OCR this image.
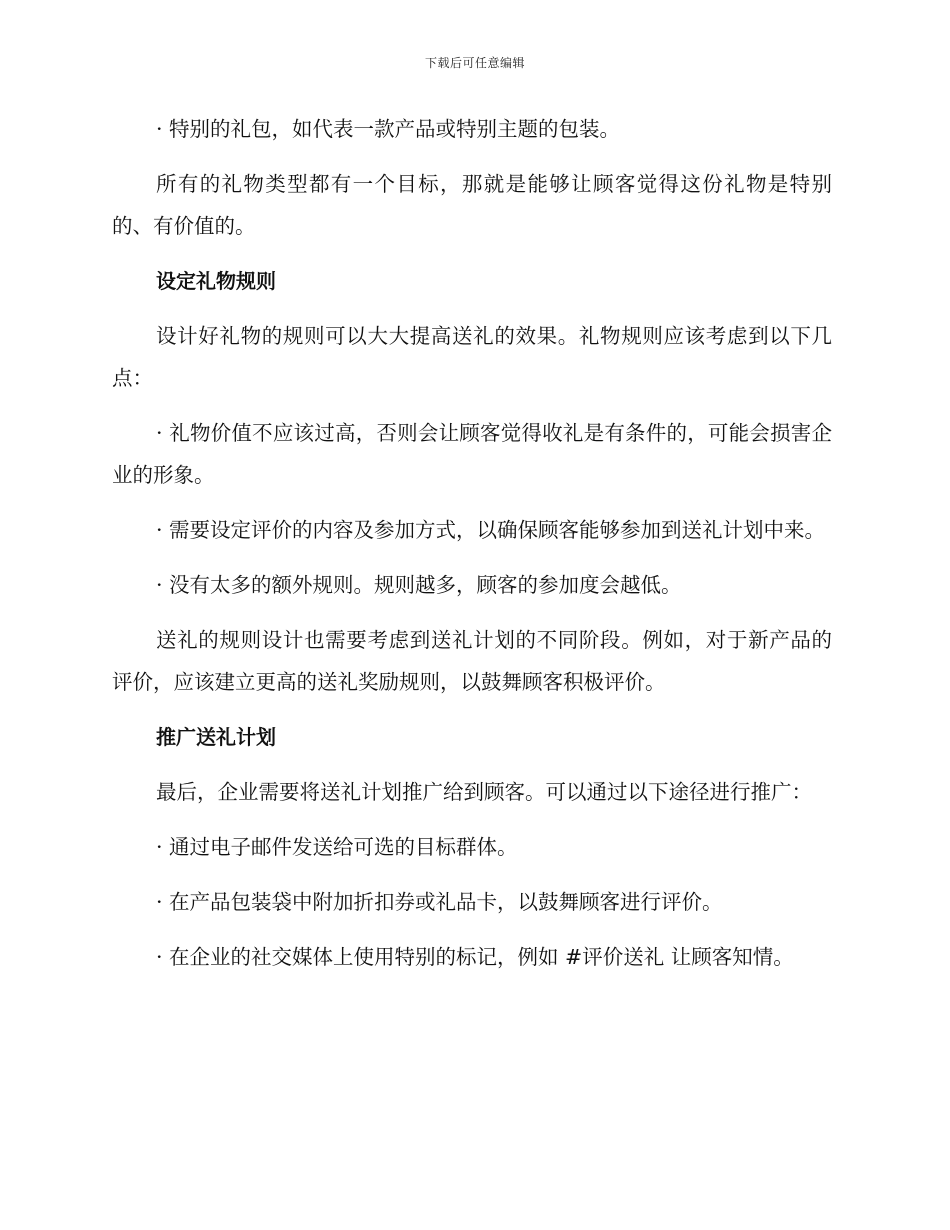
下载后可任意编辑

· 特别的礼包，如代表一款产品或特别主题的包装。

所有的礼物类型都有一个目标，那就是能够让顾客觉得这份礼物是特别的、有价值的。

设定礼物规则

设计好礼物的规则可以大大提高送礼的效果。礼物规则应该考虑到以下几点：

· 礼物价值不应该过高，否则会让顾客觉得收礼是有条件的，可能会损害企业的形象。

· 需要设定评价的内容及参加方式，以确保顾客能够参加到送礼计划中来。

· 没有太多的额外规则。规则越多，顾客的参加度会越低。

送礼的规则设计也需要考虑到送礼计划的不同阶段。例如，对于新产品的评价，应该建立更高的送礼奖励规则，以鼓舞顾客积极评价。

推广送礼计划

最后，企业需要将送礼计划推广给到顾客。可以通过以下途径进行推广：

· 通过电子邮件发送给可选的目标群体。

· 在产品包装袋中附加折扣券或礼品卡，以鼓舞顾客进行评价。

· 在企业的社交媒体上使用特别的标记，例如 #评价送礼 让顾客知情。
